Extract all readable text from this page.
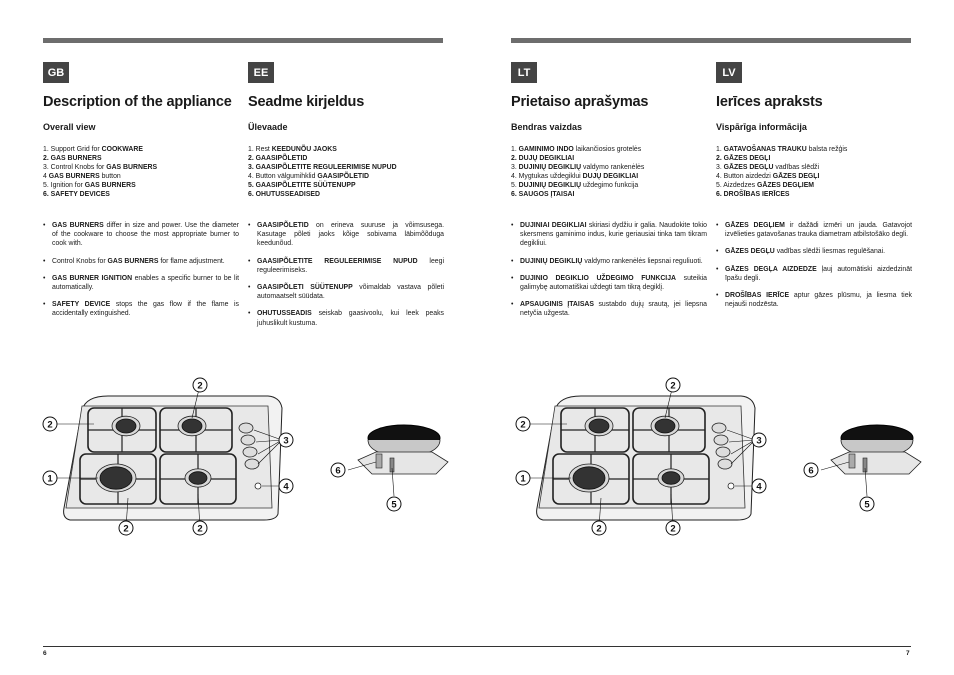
GB	EE	LT	LV
Description of the appliance
Overall view
1. Support Grid for COOKWARE
2. GAS BURNERS
3. Control Knobs for GAS BURNERS
4 GAS BURNERS button
5. Ignition for GAS BURNERS
6. SAFETY DEVICES
• GAS BURNERS differ in size and power. Use the diameter of the cookware to choose the most appropriate burner to cook with.
• Control Knobs for GAS BURNERS for flame adjustment.
• GAS BURNER IGNITION enables a specific burner to be lit automatically.
• SAFETY DEVICE stops the gas flow if the flame is accidentally extinguished.
Seadme kirjeldus
Ülevaade
1. Rest KEEDUNÕU JAOKS
2. GAASIPÕLETID
3. GAASIPÕLETITE REGULEERIMISE NUPUD
4. Button välgumihklid GAASIPÕLETID
5. GAASIPÕLETITE SÜÜTENUPP
6. OHUTUSSEADISED
• GAASIPÕLETID on erineva suuruse ja võimsusega. Kasutage põleti jaoks kõige sobivama läbimõõduga keedunõud.
• GAASIPÕLETITE REGULEERIMISE NUPUD leegi reguleerimiseks.
• GAASIPÕLETI SÜÜTENUPP võimaldab vastava põleti automaatselt süüdata.
• OHUTUSSEADIS seiskab gaasivoolu, kui leek peaks juhuslikult kustuma.
Prietaiso aprašymas
Bendras vaizdas
1. GAMINIMO INDO laikančiosios grotelės
2. DUJŲ DEGIKLIAI
3. DUJINIŲ DEGIKLIŲ valdymo rankenėlės
4. Mygtukas uždegiklui DUJŲ DEGIKLIAI
5. DUJINIŲ DEGIKLIŲ uždegimo funkcija
6. SAUGOS ĮTAISAI
• DUJINIAI DEGIKLIAI skiriasi dydžiu ir galia. Naudokite tokio skersmens gaminimo indus, kurie geriausiai tinka tam tikram degikliui.
• DUJINIŲ DEGIKLIŲ valdymo rankenėlės liepsnai reguliuoti.
• DUJINIO DEGIKLIO UŽDEGIMO FUNKCIJA suteikia galimybę automatiškai uždegti tam tikrą degiklį.
• APSAUGINIS ĮTAISAS sustabdo dujų srautą, jei liepsna netyčia užgesta.
Ierīces apraksts
Vispārīga informācija
1. GATAVOŠANAS TRAUKU balsta režģis
2. GĀZES DEGĻI
3. GĀZES DEGĻU vadības slēdži
4. Button aizdedzi GĀZES DEGĻI
5. Aizdedzes GĀZES DEGĻIEM
6. DROŠĪBAS IERĪCES
• GĀZES DEGĻIEM ir dažādi izmēri un jauda. Gatavojot izvēlieties gatavošanas trauka diametram atbilstošāko degli.
• GĀZES DEGĻU vadības slēdži liesmas regulēšanai.
• GĀZES DEGĻA AIZDEDZE ļauj automātiski aizdedzināt īpašu degli.
• DROŠĪBAS IERĪCE aptur gāzes plūsmu, ja liesma tiek nejauši nodzēsta.
1
2
2
2	2
3
4
5
6
1
2
2
2	2
3
4
5
6
6	7
